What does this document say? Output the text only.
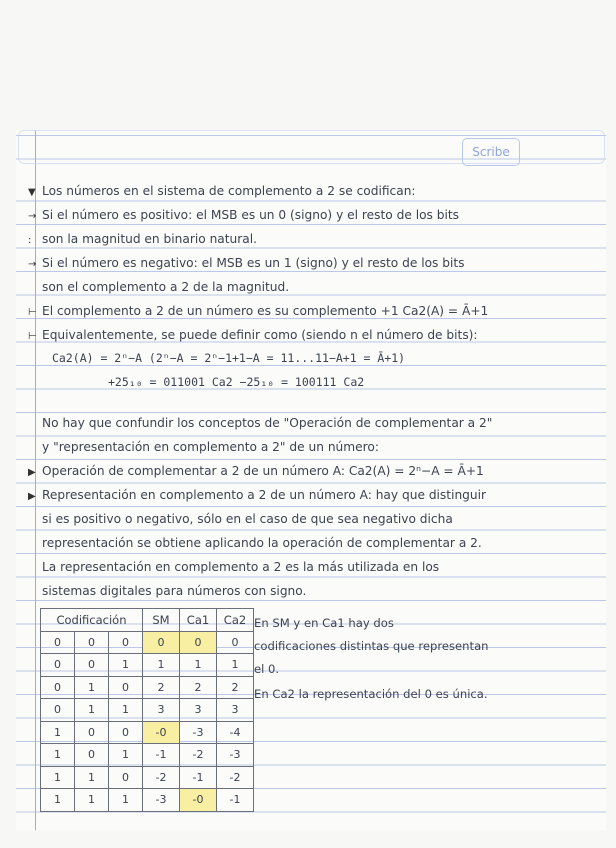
Scribe
▼ Los números en el sistema de complemento a 2 se codifican:
→ Si el número es positivo: el MSB es un 0 (signo) y el resto de los bits
: son la magnitud en binario natural.
→ Si el número es negativo: el MSB es un 1 (signo) y el resto de los bits
son el complemento a 2 de la magnitud.
⊢ El complemento a 2 de un número es su complemento +1 Ca2(A) = Ā+1
⊢ Equivalentemente, se puede definir como (siendo n el número de bits):
Ca2(A) = 2ⁿ−A (2ⁿ−A = 2ⁿ−1+1−A = 11...11−A+1 = Ā+1)
+25₁₀ = 011001 Ca2 −25₁₀ = 100111 Ca2
No hay que confundir los conceptos de "Operación de complementar a 2"
y "representación en complemento a 2" de un número:
▶ Operación de complementar a 2 de un número A: Ca2(A) = 2ⁿ−A = Ā+1
▶ Representación en complemento a 2 de un número A: hay que distinguir
si es positivo o negativo, sólo en el caso de que sea negativo dicha
representación se obtiene aplicando la operación de complementar a 2.
La representación en complemento a 2 es la más utilizada en los
sistemas digitales para números con signo.
Codificación			SM	Ca1	Ca2
0	0	0	0	0	0
0	0	1	1	1	1
0	1	0	2	2	2
0	1	1	3	3	3
1	0	0	-0	-3	-4
1	0	1	-1	-2	-3
1	1	0	-2	-1	-2
1	1	1	-3	-0	-1
En SM y en Ca1 hay dos
codificaciones distintas que representan
el 0.
En Ca2 la representación del 0 es única.
